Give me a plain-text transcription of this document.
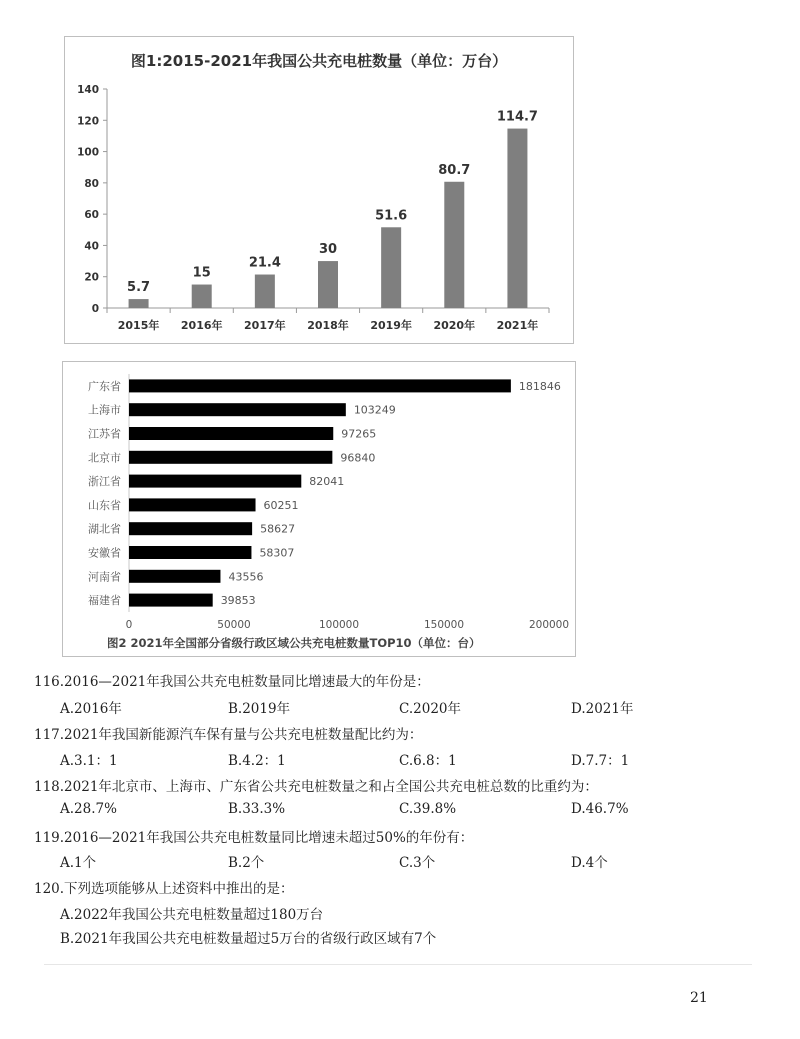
图1:2015-2021年我国公共充电桩数量（单位：万台）
0
20
40
60
80
100
120
140
5.7
2015年
15
2016年
21.4
2017年
30
2018年
51.6
2019年
80.7
2020年
114.7
2021年
广东省	181846
上海市	103249
江苏省	97265
北京市	96840
浙江省	82041
山东省	60251
湖北省	58627
安徽省	58307
河南省	43556
福建省	39853
0	50000	100000	150000	200000
图2 2021年全国部分省级行政区域公共充电桩数量TOP10（单位：台）
116.2016—2021年我国公共充电桩数量同比增速最大的年份是：
A.2016年	B.2019年	C.2020年	D.2021年
117.2021年我国新能源汽车保有量与公共充电桩数量配比约为：
A.3.1：1	B.4.2：1	C.6.8：1	D.7.7：1
118.2021年北京市、上海市、广东省公共充电桩数量之和占全国公共充电桩总数的比重约为：
A.28.7%	B.33.3%	C.39.8%	D.46.7%
119.2016—2021年我国公共充电桩数量同比增速未超过50%的年份有：
A.1个	B.2个	C.3个	D.4个
120.下列选项能够从上述资料中推出的是：
A.2022年我国公共充电桩数量超过180万台
B.2021年我国公共充电桩数量超过5万台的省级行政区域有7个
21
